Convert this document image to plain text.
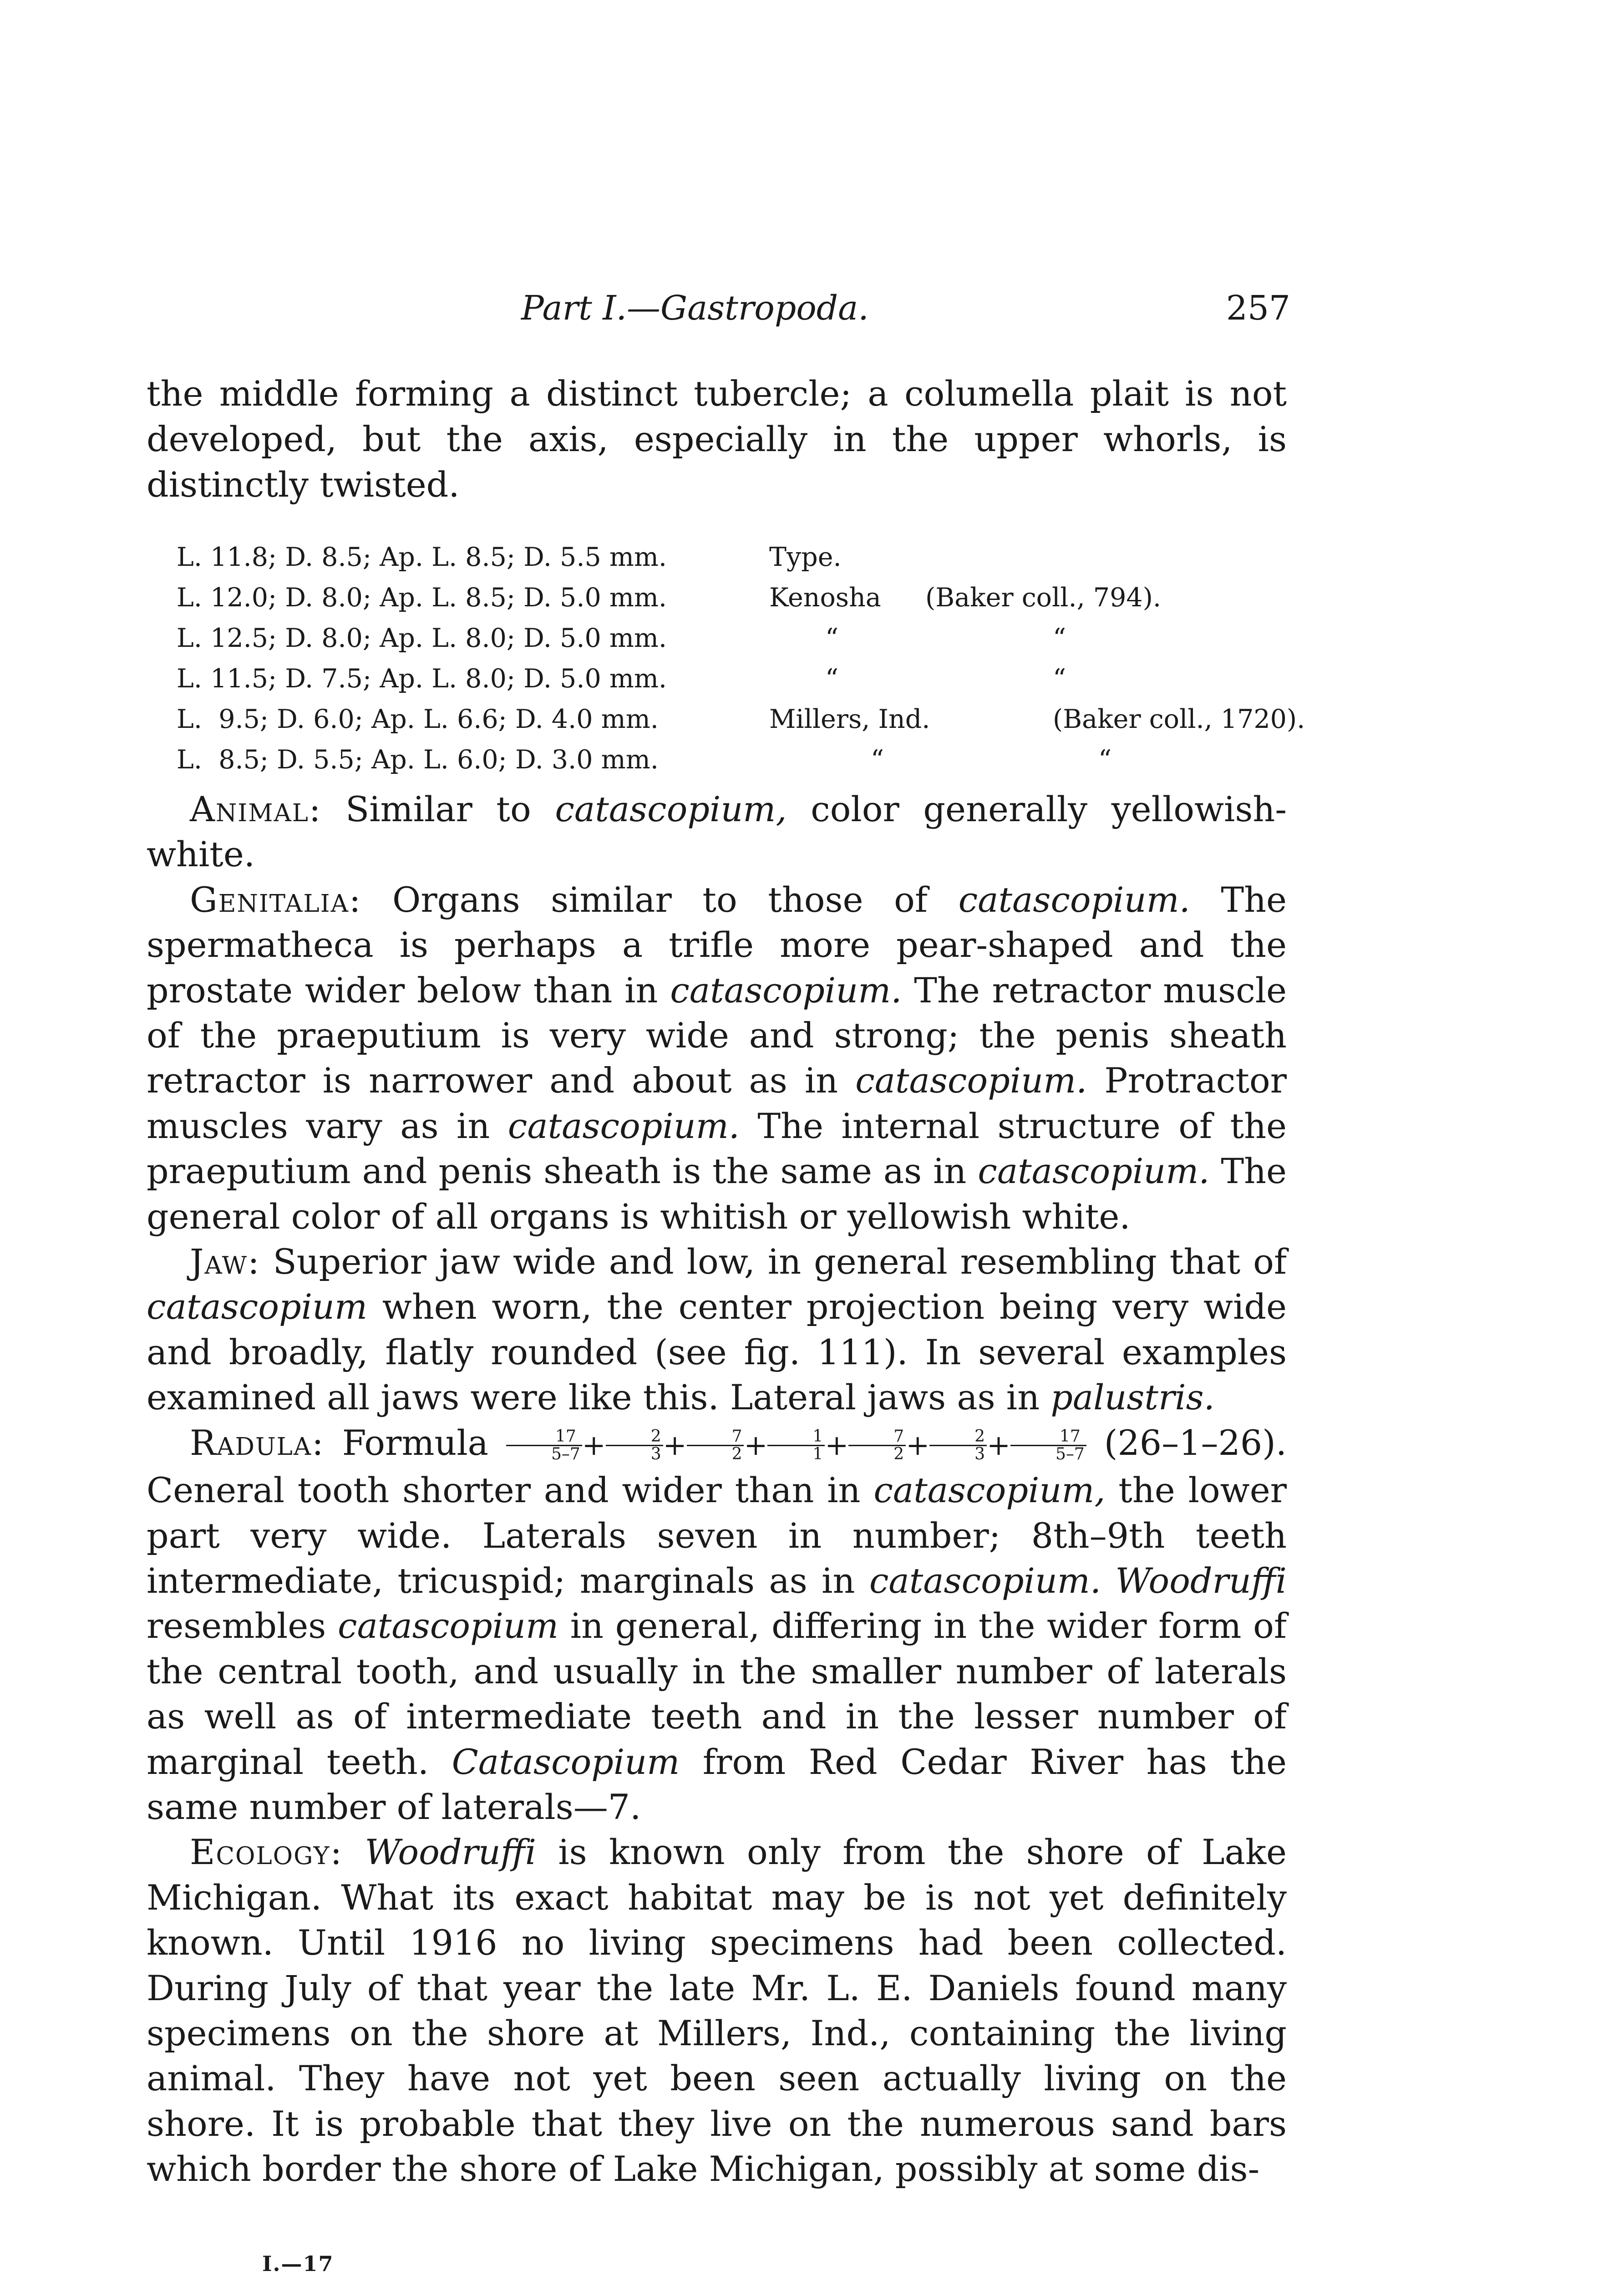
Part I.—Gastropoda.	257
the middle forming a distinct tubercle; a columella plait is not developed, but the axis, especially in the upper whorls, is distinctly twisted.
L. 11.8; D. 8.5; Ap. L. 8.5; D. 5.5 mm.	Type.
L. 12.0; D. 8.0; Ap. L. 8.5; D. 5.0 mm.	Kenosha (Baker coll., 794).
L. 12.5; D. 8.0; Ap. L. 8.0; D. 5.0 mm.	“	“
L. 11.5; D. 7.5; Ap. L. 8.0; D. 5.0 mm.	“	“
L.  9.5; D. 6.0; Ap. L. 6.6; D. 4.0 mm.	Millers, Ind.	(Baker coll., 1720).
L.  8.5; D. 5.5; Ap. L. 6.0; D. 3.0 mm.	“	“

Animal: Similar to catascopium, color generally yellowish-white.

Genitalia: Organs similar to those of catascopium. The spermatheca is perhaps a trifle more pear-shaped and the prostate wider below than in catascopium. The retractor muscle of the praeputium is very wide and strong; the penis sheath retractor is narrower and about as in catascopium. Protractor muscles vary as in catascopium. The internal structure of the praeputium and penis sheath is the same as in catascopium. The general color of all organs is whitish or yellowish white.

Jaw: Superior jaw wide and low, in general resembling that of catascopium when worn, the center projection being very wide and broadly, flatly rounded (see fig. 111). In several examples examined all jaws were like this. Lateral jaws as in palustris.

Radula: Formula $\frac{17}{5-7} + \frac{2}{3} + \frac{7}{2} + \frac{1}{1} + \frac{7}{2} + \frac{2}{3} + \frac{17}{5-7} (26-1-26)$. Ceneral tooth shorter and wider than in catascopium, the lower part very wide. Laterals seven in number; 8th–9th teeth intermediate, tricuspid; marginals as in catascopium. Woodruffi resembles catascopium in general, differing in the wider form of the central tooth, and usually in the smaller number of laterals as well as of intermediate teeth and in the lesser number of marginal teeth. Catascopium from Red Cedar River has the same number of laterals—7.

Ecology: Woodruffi is known only from the shore of Lake Michigan. What its exact habitat may be is not yet definitely known. Until 1916 no living specimens had been collected. During July of that year the late Mr. L. E. Daniels found many specimens on the shore at Millers, Ind., containing the living animal. They have not yet been seen actually living on the shore. It is probable that they live on the numerous sand bars which border the shore of Lake Michigan, possibly at some dis-

I.—17
